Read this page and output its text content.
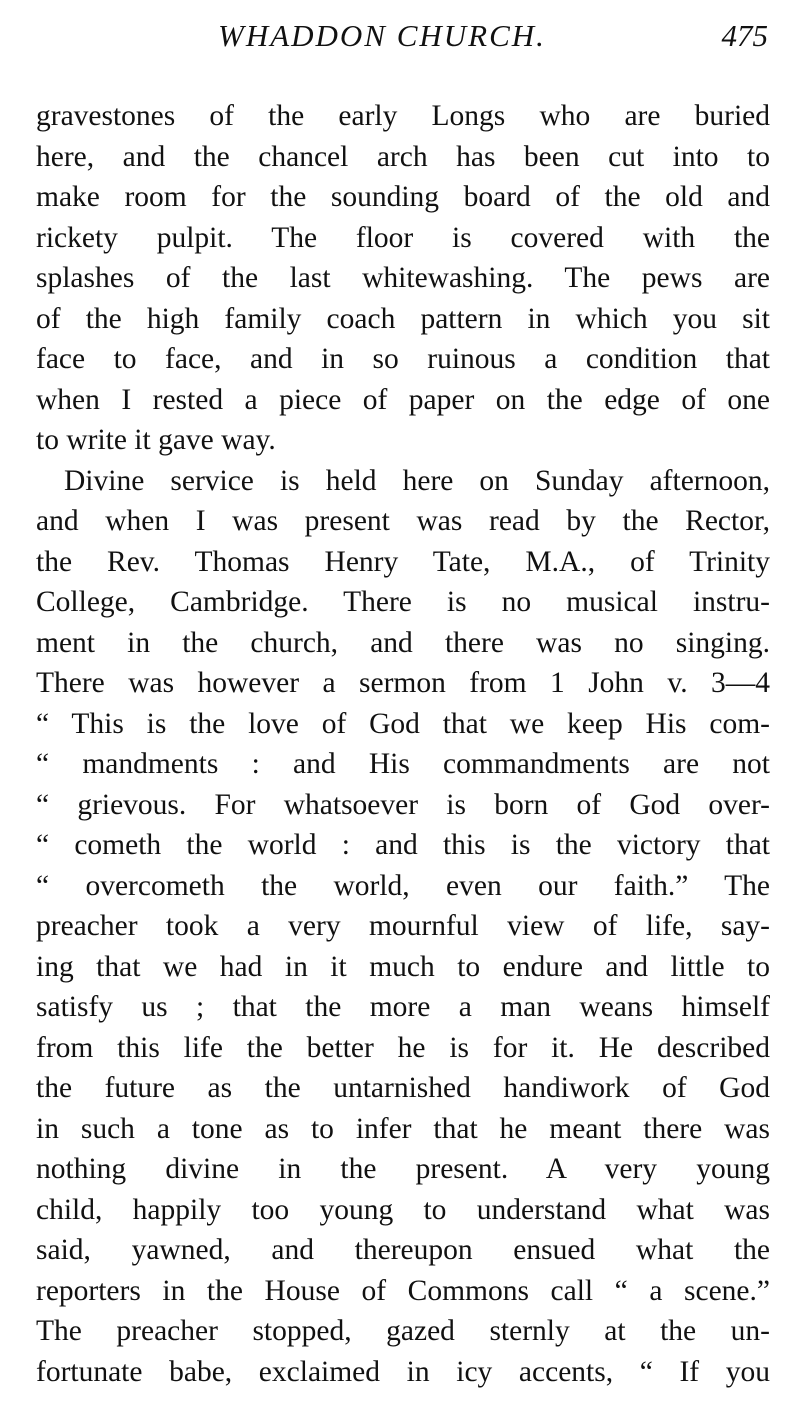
WHADDON CHURCH.	475
gravestones of the early Longs who are buried
here, and the chancel arch has been cut into to
make room for the sounding board of the old and
rickety pulpit. The floor is covered with the
splashes of the last whitewashing. The pews are
of the high family coach pattern in which you sit
face to face, and in so ruinous a condition that
when I rested a piece of paper on the edge of one
to write it gave way.
Divine service is held here on Sunday afternoon,
and when I was present was read by the Rector,
the Rev. Thomas Henry Tate, M.A., of Trinity
College, Cambridge. There is no musical instru-
ment in the church, and there was no singing.
There was however a sermon from 1 John v. 3—4
“ This is the love of God that we keep His com-
“ mandments : and His commandments are not
“ grievous. For whatsoever is born of God over-
“ cometh the world : and this is the victory that
“ overcometh the world, even our faith.” The
preacher took a very mournful view of life, say-
ing that we had in it much to endure and little to
satisfy us ; that the more a man weans himself
from this life the better he is for it. He described
the future as the untarnished handiwork of God
in such a tone as to infer that he meant there was
nothing divine in the present. A very young
child, happily too young to understand what was
said, yawned, and thereupon ensued what the
reporters in the House of Commons call “ a scene.”
The preacher stopped, gazed sternly at the un-
fortunate babe, exclaimed in icy accents, “ If you
